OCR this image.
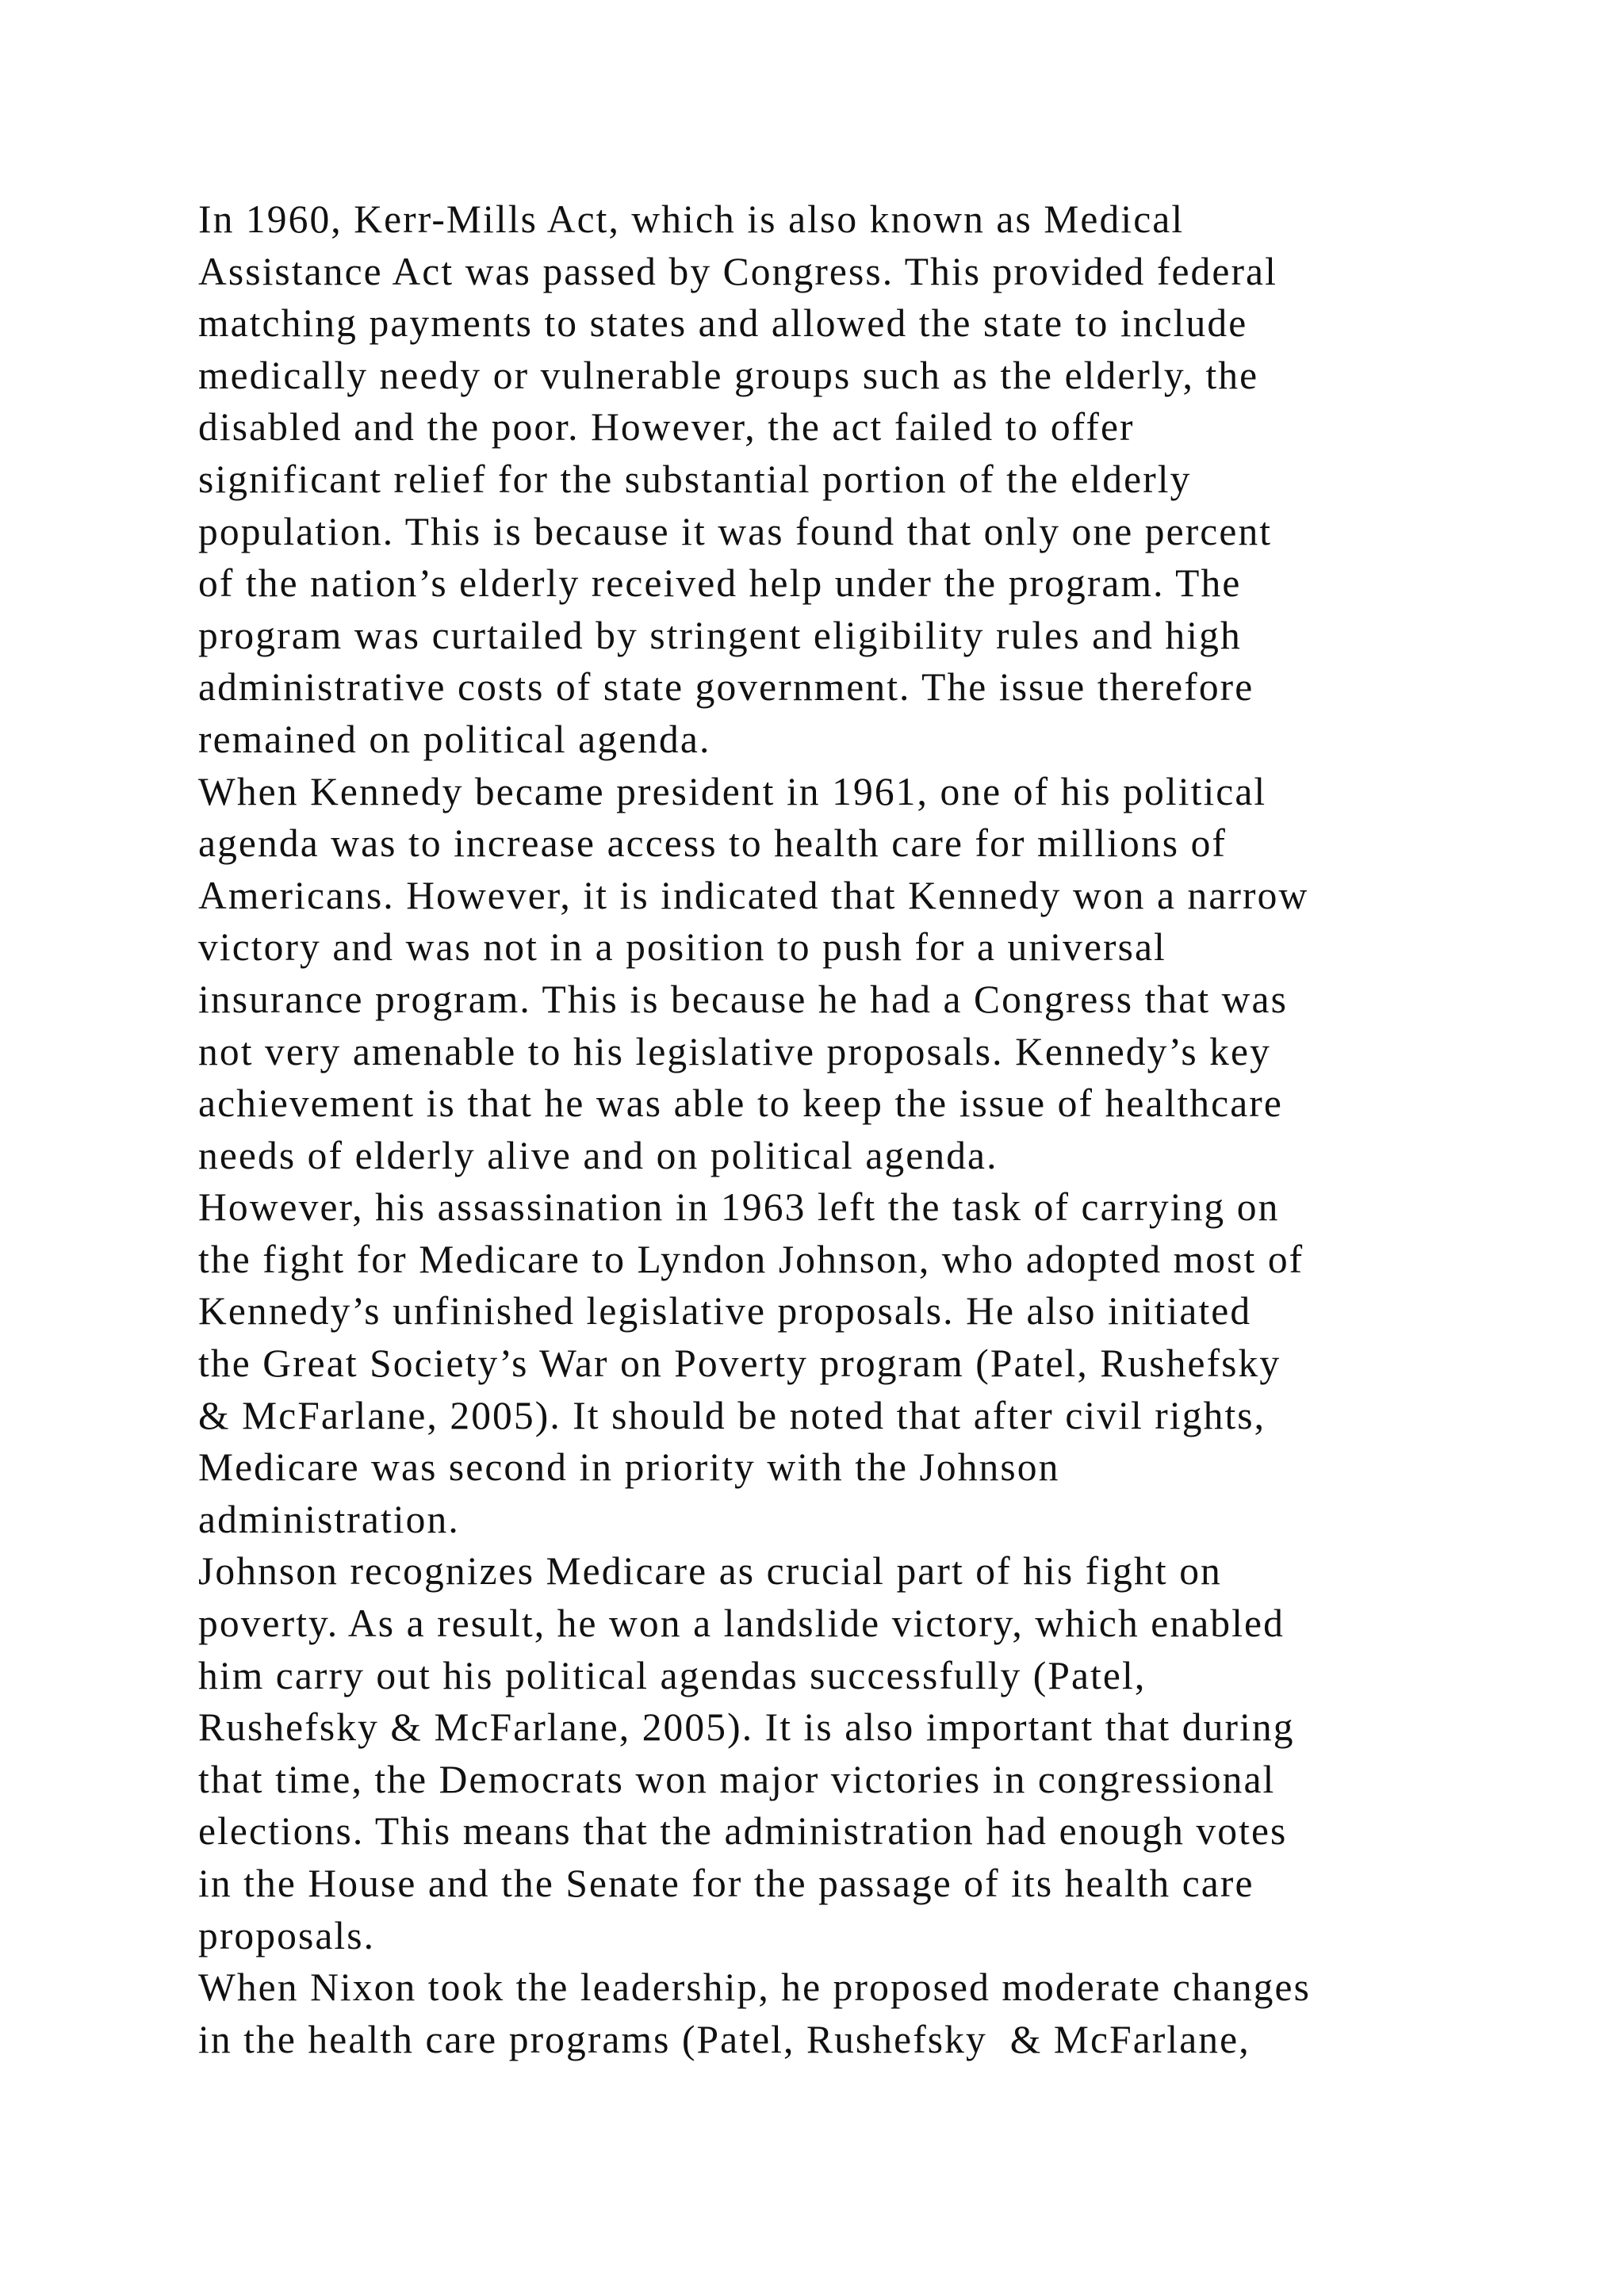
In 1960, Kerr-Mills Act, which is also known as Medical
Assistance Act was passed by Congress. This provided federal
matching payments to states and allowed the state to include
medically needy or vulnerable groups such as the elderly, the
disabled and the poor. However, the act failed to offer
significant relief for the substantial portion of the elderly
population. This is because it was found that only one percent
of the nation’s elderly received help under the program. The
program was curtailed by stringent eligibility rules and high
administrative costs of state government. The issue therefore
remained on political agenda.
When Kennedy became president in 1961, one of his political
agenda was to increase access to health care for millions of
Americans. However, it is indicated that Kennedy won a narrow
victory and was not in a position to push for a universal
insurance program. This is because he had a Congress that was
not very amenable to his legislative proposals. Kennedy’s key
achievement is that he was able to keep the issue of healthcare
needs of elderly alive and on political agenda.
However, his assassination in 1963 left the task of carrying on
the fight for Medicare to Lyndon Johnson, who adopted most of
Kennedy’s unfinished legislative proposals. He also initiated
the Great Society’s War on Poverty program (Patel, Rushefsky
& McFarlane, 2005). It should be noted that after civil rights,
Medicare was second in priority with the Johnson
administration.
Johnson recognizes Medicare as crucial part of his fight on
poverty. As a result, he won a landslide victory, which enabled
him carry out his political agendas successfully (Patel,
Rushefsky & McFarlane, 2005). It is also important that during
that time, the Democrats won major victories in congressional
elections. This means that the administration had enough votes
in the House and the Senate for the passage of its health care
proposals.
When Nixon took the leadership, he proposed moderate changes
in the health care programs (Patel, Rushefsky  & McFarlane,
